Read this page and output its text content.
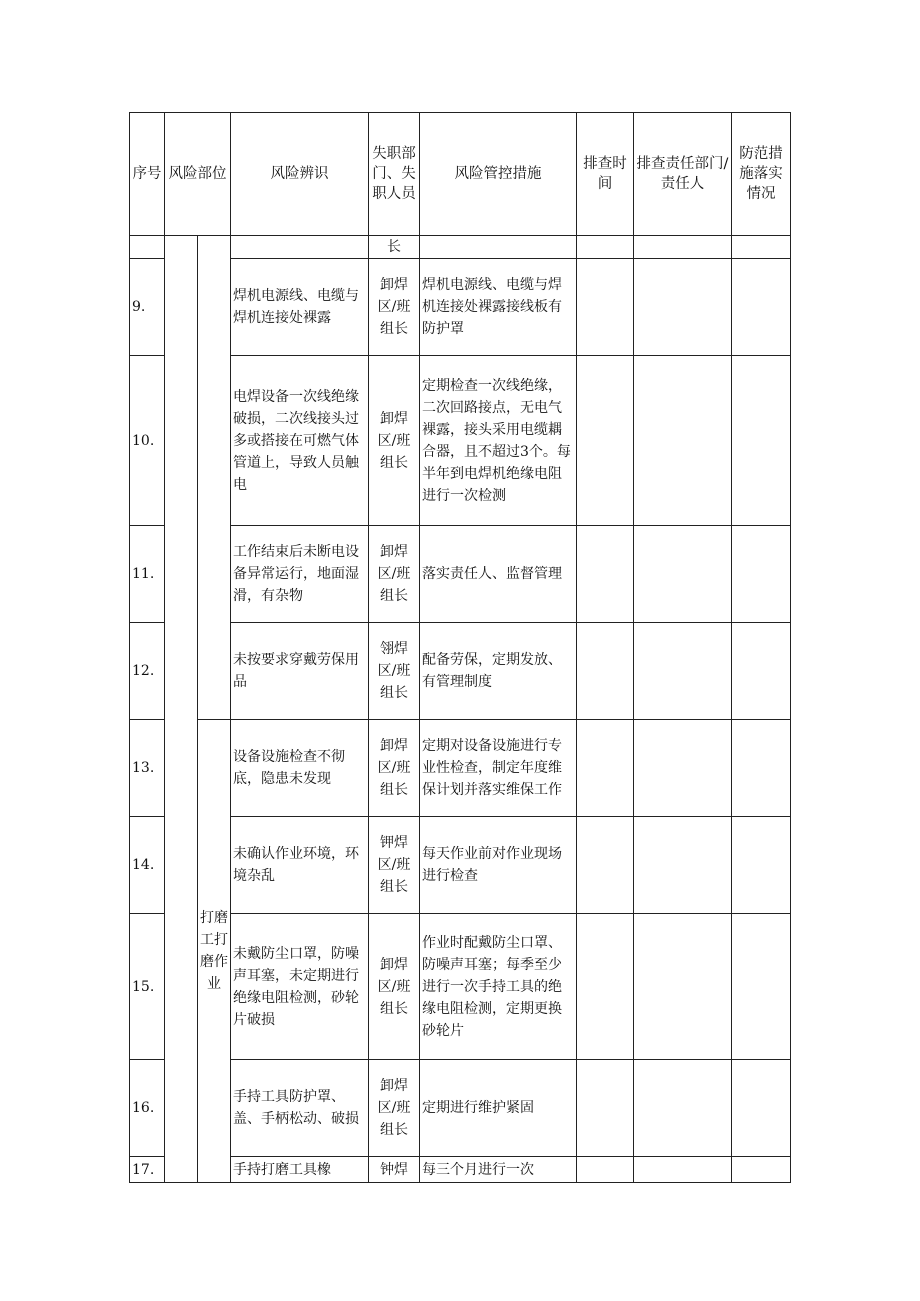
序号	风险部位		风险辨识	失职部门、失职人员	风险管控措施	排查时间	排查责任部门/责任人	防范措施落实情况
				长				
9.			焊机电源线、电缆与焊机连接处裸露	卸焊区/班组长	焊机电源线、电缆与焊机连接处裸露接线板有防护罩			
10.			电焊设备一次线绝缘破损，二次线接头过多或搭接在可燃气体管道上，导致人员触电	卸焊区/班组长	定期检查一次线绝缘，二次回路接点，无电气裸露，接头采用电缆耦合器，且不超过3个。每半年到电焊机绝缘电阻进行一次检测			
11.			工作结束后未断电设备异常运行，地面湿滑，有杂物	卸焊区/班组长	落实责任人、监督管理			
12.			未按要求穿戴劳保用品	翎焊区/班组长	配备劳保，定期发放、有管理制度			
13.		打磨工打磨作业	设备设施检查不彻底，隐患未发现	卸焊区/班组长	定期对设备设施进行专业性检查，制定年度维保计划并落实维保工作			
14.			未确认作业环境，环境杂乱	钾焊区/班组长	每天作业前对作业现场进行检查			
15.			未戴防尘口罩，防噪声耳塞，未定期进行绝缘电阻检测，砂轮片破损	卸焊区/班组长	作业时配戴防尘口罩、防噪声耳塞；每季至少进行一次手持工具的绝缘电阻检测，定期更换砂轮片			
16.			手持工具防护罩、盖、手柄松动、破损	卸焊区/班组长	定期进行维护紧固			
17.			手持打磨工具橡	钟焊	每三个月进行一次			
